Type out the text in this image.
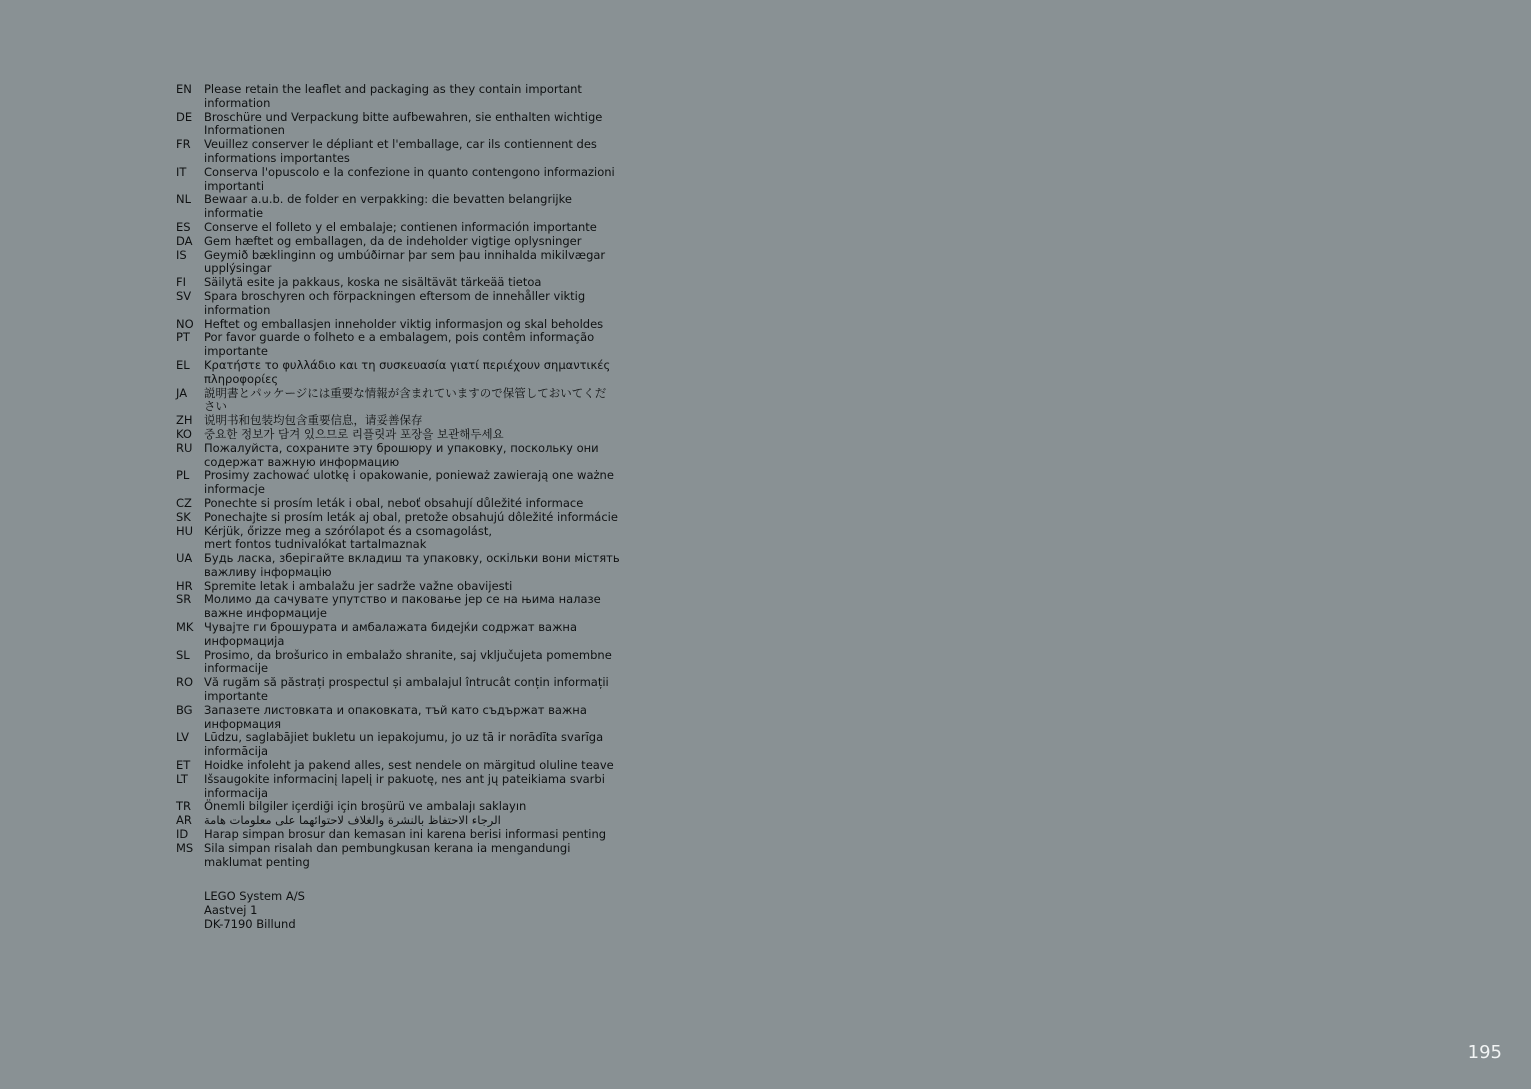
EN	Please retain the leaflet and packaging as they contain important
information
DE	Broschüre und Verpackung bitte aufbewahren, sie enthalten wichtige
Informationen
FR	Veuillez conserver le dépliant et l'emballage, car ils contiennent des
informations importantes
IT	Conserva l'opuscolo e la confezione in quanto contengono informazioni
importanti
NL	Bewaar a.u.b. de folder en verpakking: die bevatten belangrijke
informatie
ES	Conserve el folleto y el embalaje; contienen información importante
DA Gem hæftet og emballagen, da de indeholder vigtige oplysninger
IS	Geymið bæklinginn og umbúðirnar þar sem þau innihalda mikilvægar
upplýsingar
FI	Säilytä esite ja pakkaus, koska ne sisältävät tärkeää tietoa
SV	Spara broschyren och förpackningen eftersom de innehåller viktig
information
NO Heftet og emballasjen inneholder viktig informasjon og skal beholdes
PT	Por favor guarde o folheto e a embalagem, pois contêm informação
importante
EL	Κρατήστε το φυλλάδιο και τη συσκευασία γιατί περιέχουν σημαντικές
πληροφορίες
JA	説明書とパッケージには重要な情報が含まれていますので保管しておいてくだ
さい
ZH 说明书和包装均包含重要信息，请妥善保存
KO	중요한 정보가 담겨 있으므로 리플릿과 포장을 보관해두세요
RU	Пожалуйста, сохраните эту брошюру и упаковку, поскольку они
содержат важную информацию
PL	Prosimy zachować ulotkę i opakowanie, ponieważ zawierają one ważne
informacje
CZ	Ponechte si prosím leták i obal, neboť obsahují důležité informace
SK	Ponechajte si prosím leták aj obal, pretože obsahujú dôležité informácie
HU Kérjük, őrizze meg a szórólapot és a csomagolást,
mert fontos tudnivalókat tartalmaznak
UA	Будь ласка, зберігайте вкладиш та упаковку, оскільки вони містять
важливу інформацію
HR Spremite letak i ambalažu jer sadrže važne obavijesti
SR	Молимо да сачувате упутство и паковање јер се на њима налазе
важне информације
MK Чувајте ги брошурата и амбалажата бидејќи содржат важна
информација
SL	Prosimo, da brošurico in embalažo shranite, saj vključujeta pomembne
informacije
RO Vă rugăm să păstrați prospectul și ambalajul întrucât conțin informații
importante
BG Запазете листовката и опаковката, тъй като съдържат важна
информация
LV	Lūdzu, saglabājiet bukletu un iepakojumu, jo uz tā ir norādīta svarīga
informācija
ET	Hoidke infoleht ja pakend alles, sest nendele on märgitud oluline teave
LT	Išsaugokite informacinį lapelį ir pakuotę, nes ant jų pateikiama svarbi
informacija
TR	Önemli bilgiler içerdiği için broşürü ve ambalajı saklayın
AR	الرجاء الاحتفاظ بالنشرة والغلاف لاحتوائهما على معلومات هامة
ID	Harap simpan brosur dan kemasan ini karena berisi informasi penting
MS Sila simpan risalah dan pembungkusan kerana ia mengandungi
maklumat penting
LEGO System A/S
Aastvej 1
DK-7190 Billund
195
